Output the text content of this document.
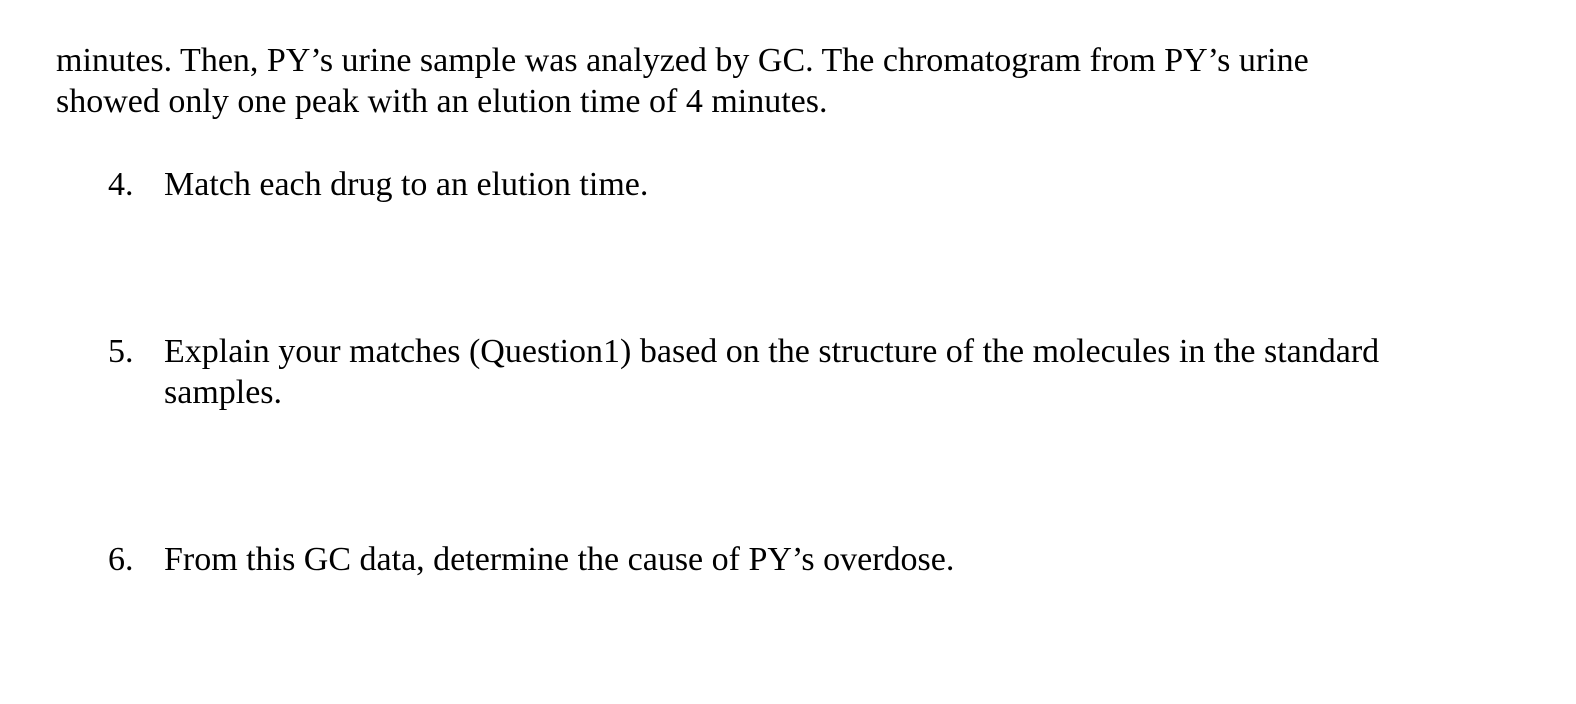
minutes. Then, PY’s urine sample was analyzed by GC. The chromatogram from PY’s urine
showed only one peak with an elution time of 4 minutes.

4. Match each drug to an elution time.
5. Explain your matches (Question1) based on the structure of the molecules in the standard samples.
6. From this GC data, determine the cause of PY’s overdose.
